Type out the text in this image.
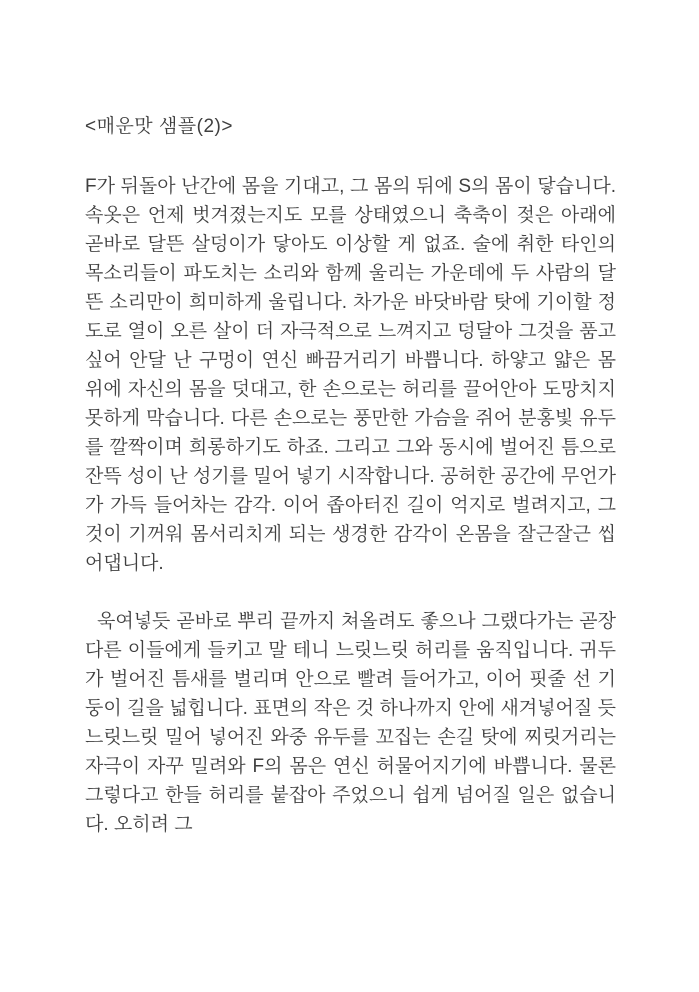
<매운맛 샘플(2)>

F가 뒤돌아 난간에 몸을 기대고, 그 몸의 뒤에 S의 몸이 닿습니다. 속옷은 언제 벗겨졌는지도 모를 상태였으니 축축이 젖은 아래에 곧바로 달뜬 살덩이가 닿아도 이상할 게 없죠. 술에 취한 타인의 목소리들이 파도치는 소리와 함께 울리는 가운데에 두 사람의 달뜬 소리만이 희미하게 울립니다. 차가운 바닷바람 탓에 기이할 정도로 열이 오른 살이 더 자극적으로 느껴지고 덩달아 그것을 품고 싶어 안달 난 구멍이 연신 빠끔거리기 바쁩니다. 하얗고 얇은 몸 위에 자신의 몸을 덧대고, 한 손으로는 허리를 끌어안아 도망치지 못하게 막습니다. 다른 손으로는 풍만한 가슴을 쥐어 분홍빛 유두를 깔짝이며 희롱하기도 하죠. 그리고 그와 동시에 벌어진 틈으로 잔뜩 성이 난 성기를 밀어 넣기 시작합니다. 공허한 공간에 무언가가 가득 들어차는 감각. 이어 좁아터진 길이 억지로 벌려지고, 그것이 기꺼워 몸서리치게 되는 생경한 감각이 온몸을 잘근잘근 씹어댑니다.

욱여넣듯 곧바로 뿌리 끝까지 쳐올려도 좋으나 그랬다가는 곧장 다른 이들에게 들키고 말 테니 느릿느릿 허리를 움직입니다. 귀두가 벌어진 틈새를 벌리며 안으로 빨려 들어가고, 이어 핏줄 선 기둥이 길을 넓힙니다. 표면의 작은 것 하나까지 안에 새겨넣어질 듯 느릿느릿 밀어 넣어진 와중 유두를 꼬집는 손길 탓에 찌릿거리는 자극이 자꾸 밀려와 F의 몸은 연신 허물어지기에 바쁩니다. 물론 그렇다고 한들 허리를 붙잡아 주었으니 쉽게 넘어질 일은 없습니다. 오히려 그
